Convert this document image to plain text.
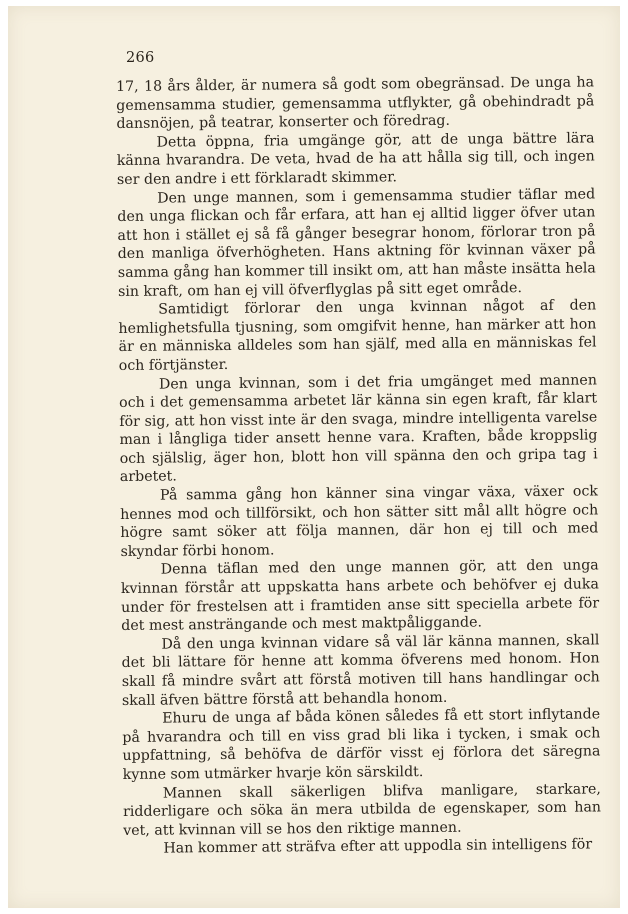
266

17, 18 års ålder, är numera så godt som obegränsad. De unga ha gemensamma studier, gemensamma utflykter, gå obehindradt på dansnöjen, på teatrar, konserter och föredrag.

Detta öppna, fria umgänge gör, att de unga bättre lära känna hvarandra. De veta, hvad de ha att hålla sig till, och ingen ser den andre i ett förklaradt skimmer.

Den unge mannen, som i gemensamma studier täflar med den unga flickan och får erfara, att han ej alltid ligger öfver utan att hon i stället ej så få gånger besegrar honom, förlorar tron på den manliga öfverhögheten. Hans aktning för kvinnan växer på samma gång han kommer till insikt om, att han måste insätta hela sin kraft, om han ej vill öfverflyglas på sitt eget område.

Samtidigt förlorar den unga kvinnan något af den hemlighetsfulla tjusning, som omgifvit henne, han märker att hon är en människa alldeles som han själf, med alla en människas fel och förtjänster.

Den unga kvinnan, som i det fria umgänget med mannen och i det gemensamma arbetet lär känna sin egen kraft, får klart för sig, att hon visst inte är den svaga, mindre intelligenta varelse man i långliga tider ansett henne vara. Kraften, både kroppslig och själslig, äger hon, blott hon vill spänna den och gripa tag i arbetet.

På samma gång hon känner sina vingar växa, växer ock hennes mod och tillförsikt, och hon sätter sitt mål allt högre och högre samt söker att följa mannen, där hon ej till och med skyndar förbi honom.

Denna täflan med den unge mannen gör, att den unga kvinnan förstår att uppskatta hans arbete och behöfver ej duka under för frestelsen att i framtiden anse sitt speciella arbete för det mest ansträngande och mest maktpåliggande.

Då den unga kvinnan vidare så väl lär känna mannen, skall det bli lättare för henne att komma öfverens med honom. Hon skall få mindre svårt att förstå motiven till hans handlingar och skall äfven bättre förstå att behandla honom.

Ehuru de unga af båda könen således få ett stort inflytande på hvarandra och till en viss grad bli lika i tycken, i smak och uppfattning, så behöfva de därför visst ej förlora det säregna kynne som utmärker hvarje kön särskildt.

Mannen skall säkerligen blifva manligare, starkare, ridderligare och söka än mera utbilda de egenskaper, som han vet, att kvinnan vill se hos den riktige mannen.

Han kommer att sträfva efter att uppodla sin intelligens för
